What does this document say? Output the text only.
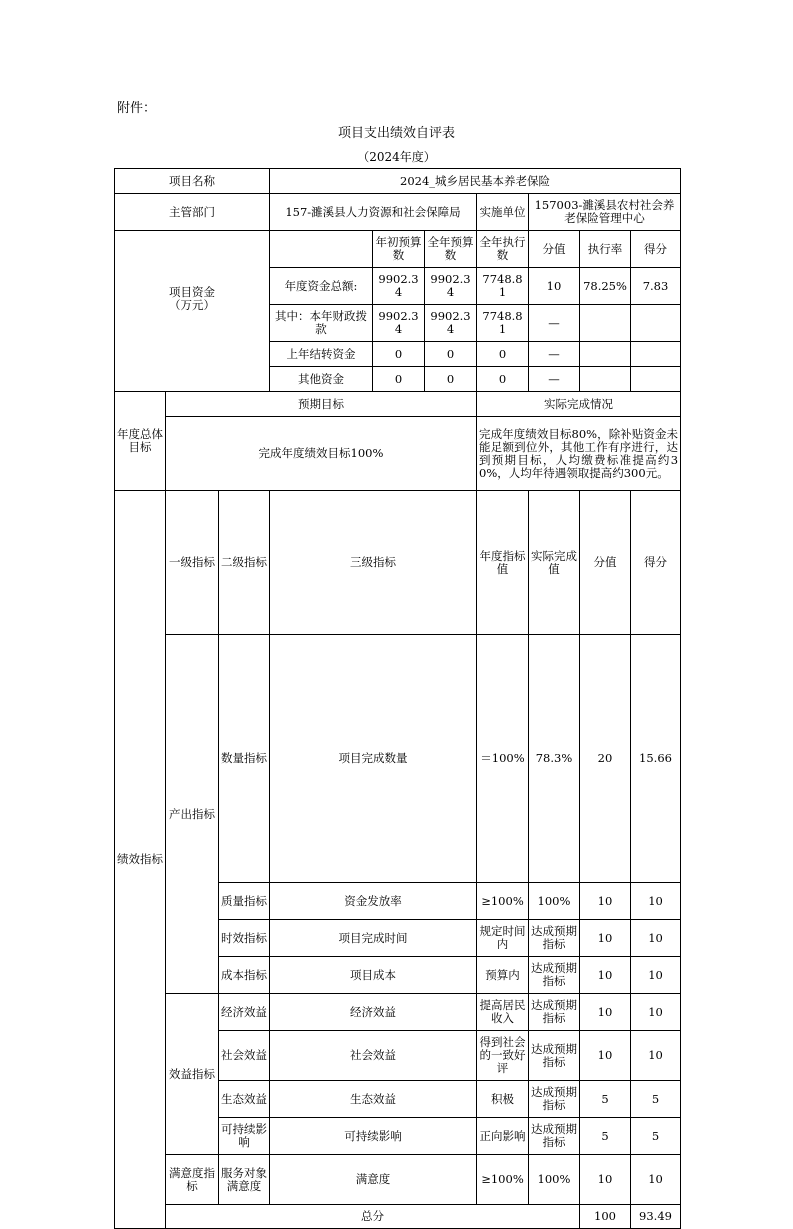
附件：
项目支出绩效自评表
（2024年度）
项目名称			2024_城乡居民基本养老保险							
主管部门			157-濉溪县人力资源和社会保障局			实施单位	157003-濉溪县农村社会养老保险管理中心			
项目资金
（万元）				年初预算数	全年预算数	全年执行数	分值	执行率	得分	
			年度资金总额:	9902.34	9902.34	7748.81	10	78.25%	7.83	
			其中：本年财政拨款	9902.34	9902.34	7748.81	—			
			上年结转资金	0	0	0	—			
			其他资金	0	0	0	—			
年度总体目标	预期目标					实际完成情况				
	完成年度绩效目标100%					完成年度绩效目标80%，除补贴资金未能足额到位外，其他工作有序进行，达到预期目标，人均缴费标准提高约30%，人均年待遇领取提高约300元。				
绩效指标	一级指标	二级指标	三级指标			年度指标值	实际完成值	分值	得分	
	产出指标	数量指标	项目完成数量			＝100%	78.3%	20	15.66	
		质量指标	资金发放率			≥100%	100%	10	10	
		时效指标	项目完成时间			规定时间内	达成预期指标	10	10	
		成本指标	项目成本			预算内	达成预期指标	10	10	
	效益指标	经济效益	经济效益			提高居民收入	达成预期指标	10	10	
		社会效益	社会效益			得到社会的一致好评	达成预期指标	10	10	
		生态效益	生态效益			积极	达成预期指标	5	5	
		可持续影响	可持续影响			正向影响	达成预期指标	5	5	
	满意度指标	服务对象满意度	满意度			≥100%	100%	10	10	
	总分							100	93.49	
